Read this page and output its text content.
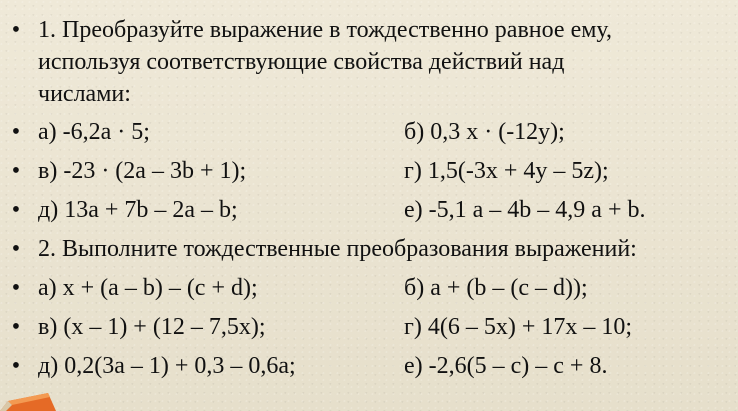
• 1. Преобразуйте выражение в тождественно равное ему,
используя соответствующие свойства действий над
числами:
• а) -6,2а · 5;	б) 0,3 х · (-12у);
• в) -23 · (2а – 3b + 1);	г) 1,5(-3х + 4у – 5z);
• д) 13а + 7b – 2а – b;	е) -5,1 а – 4b – 4,9 а + b.
• 2. Выполните тождественные преобразования выражений:
• а) х + (а – b) – (с + d);	б) а + (b – (с – d));
• в) (х – 1) + (12 – 7,5х);	г) 4(6 – 5х) + 17х – 10;
• д) 0,2(3а – 1) + 0,3 – 0,6а;	е) -2,6(5 – с) – с + 8.
